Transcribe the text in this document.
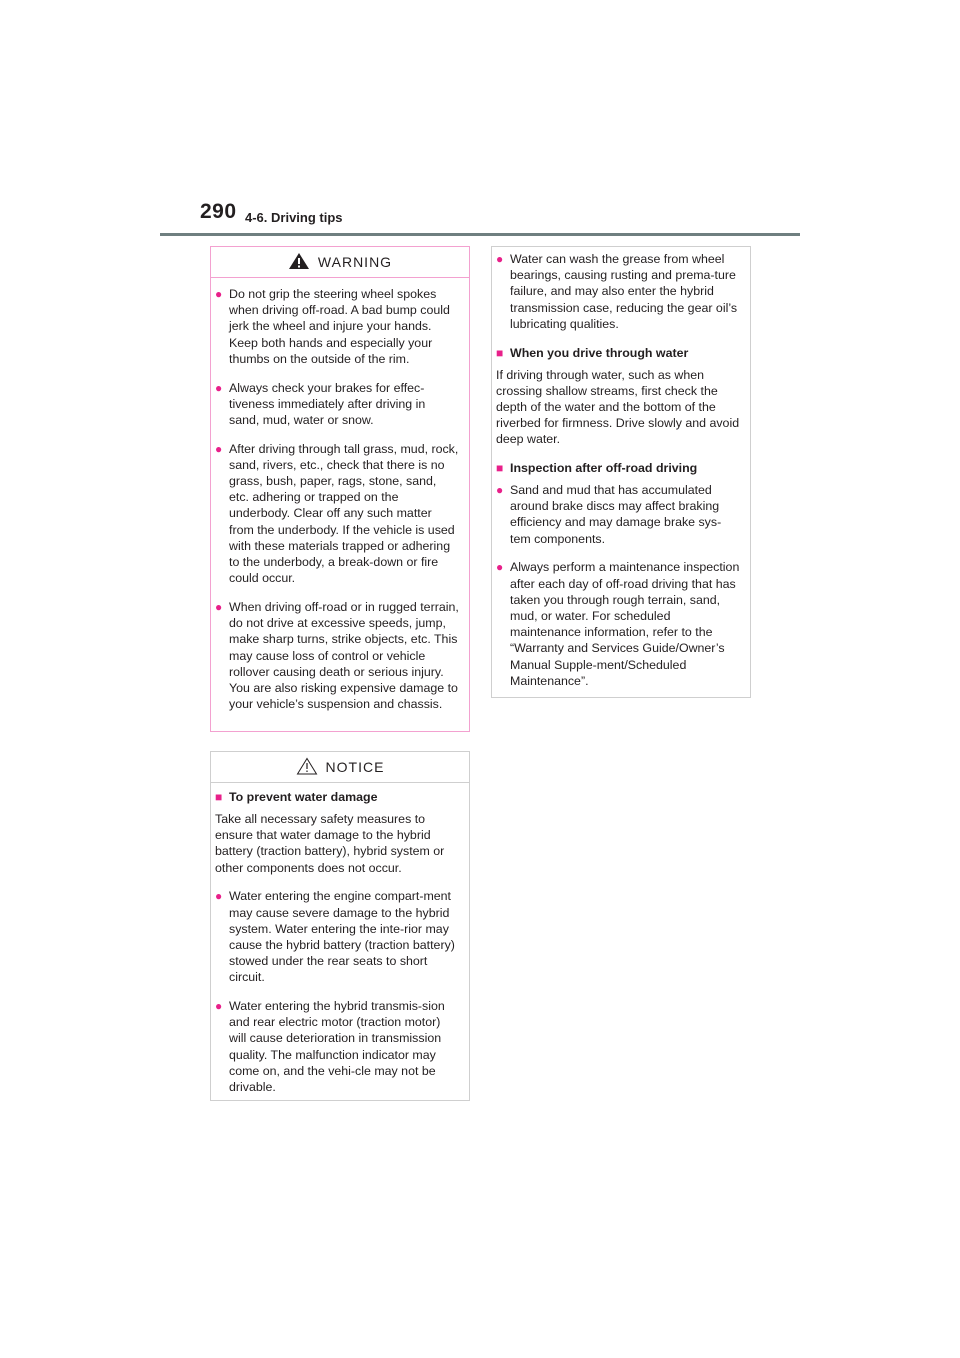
290 4-6. Driving tips
WARNING
● Do not grip the steering wheel spokes when driving off-road. A bad bump could jerk the wheel and injure your hands. Keep both hands and especially your thumbs on the outside of the rim.
● Always check your brakes for effec-tiveness immediately after driving in sand, mud, water or snow.
● After driving through tall grass, mud, rock, sand, rivers, etc., check that there is no grass, bush, paper, rags, stone, sand, etc. adhering or trapped on the underbody. Clear off any such matter from the underbody. If the vehicle is used with these materials trapped or adhering to the underbody, a break-down or fire could occur.
● When driving off-road or in rugged terrain, do not drive at excessive speeds, jump, make sharp turns, strike objects, etc. This may cause loss of control or vehicle rollover causing death or serious injury. You are also risking expensive damage to your vehicle’s suspension and chassis.
NOTICE
■ To prevent water damage
Take all necessary safety measures to ensure that water damage to the hybrid battery (traction battery), hybrid system or other components does not occur.
● Water entering the engine compart-ment may cause severe damage to the hybrid system. Water entering the inte-rior may cause the hybrid battery (traction battery) stowed under the rear seats to short circuit.
● Water entering the hybrid transmis-sion and rear electric motor (traction motor) will cause deterioration in transmission quality. The malfunction indicator may come on, and the vehi-cle may not be drivable.
● Water can wash the grease from wheel bearings, causing rusting and prema-ture failure, and may also enter the hybrid transmission case, reducing the gear oil’s lubricating qualities.
■ When you drive through water
If driving through water, such as when crossing shallow streams, first check the depth of the water and the bottom of the riverbed for firmness. Drive slowly and avoid deep water.
■ Inspection after off-road driving
● Sand and mud that has accumulated around brake discs may affect braking efficiency and may damage brake sys-tem components.
● Always perform a maintenance inspection after each day of off-road driving that has taken you through rough terrain, sand, mud, or water. For scheduled maintenance information, refer to the “Warranty and Services Guide/Owner’s Manual Supple-ment/Scheduled Maintenance”.
